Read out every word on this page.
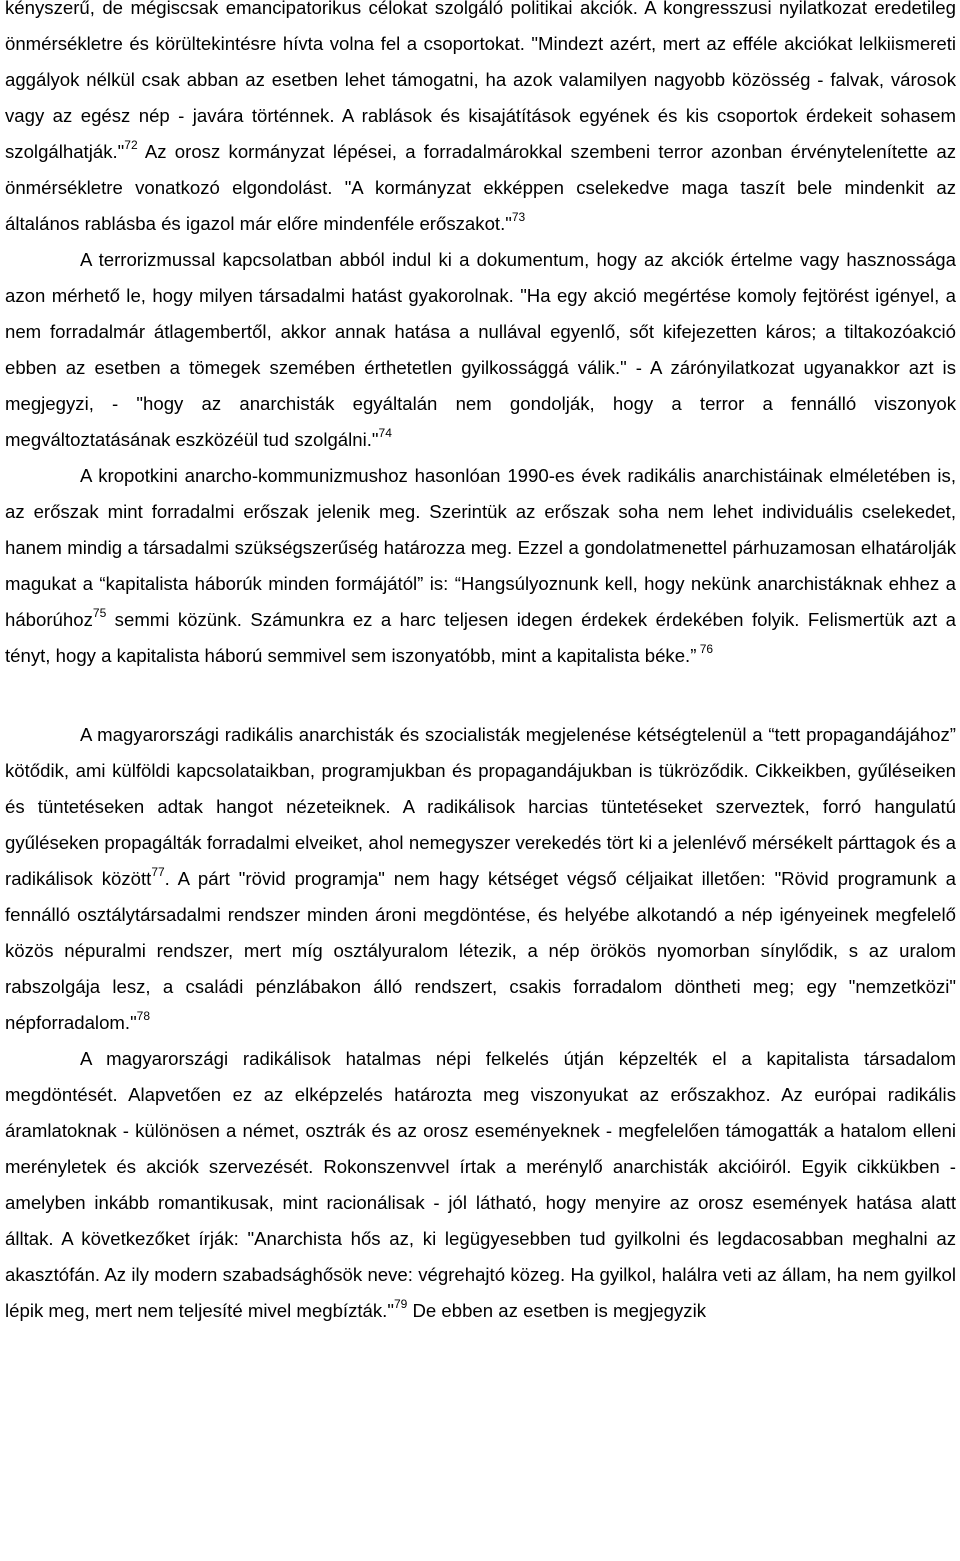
kényszerű, de mégiscsak emancipatorikus célokat szolgáló politikai akciók. A kongresszusi nyilatkozat eredetileg önmérsékletre és körültekintésre hívta volna fel a csoportokat. "Mindezt azért, mert az efféle akciókat lelkiismereti aggályok nélkül csak abban az esetben lehet támogatni, ha azok valamilyen nagyobb közösség - falvak, városok vagy az egész nép - javára történnek. A rablások és kisajátítások egyének és kis csoportok érdekeit sohasem szolgálhatják."$^{72}$ Az orosz kormányzat lépései, a forradalmárokkal szembeni terror azonban érvénytelenítette az önmérsékletre vonatkozó elgondolást. "A kormányzat ekképpen cselekedve maga taszít bele mindenkit az általános rablásba és igazol már előre mindenféle erőszakot."$^{73}$

A terrorizmussal kapcsolatban abból indul ki a dokumentum, hogy az akciók értelme vagy hasznossága azon mérhető le, hogy milyen társadalmi hatást gyakorolnak. "Ha egy akció megértése komoly fejtörést igényel, a nem forradalmár átlagembertől, akkor annak hatása a nullával egyenlő, sőt kifejezetten káros; a tiltakozóakció ebben az esetben a tömegek szemében érthetetlen gyilkossággá válik." - A zárónyilatkozat ugyanakkor azt is megjegyzi, - "hogy az anarchisták egyáltalán nem gondolják, hogy a terror a fennálló viszonyok megváltoztatásának eszközéül tud szolgálni."$^{74}$

A kropotkini anarcho-kommunizmushoz hasonlóan 1990-es évek radikális anarchistáinak elméletében is, az erőszak mint forradalmi erőszak jelenik meg. Szerintük az erőszak soha nem lehet individuális cselekedet, hanem mindig a társadalmi szükségszerűség határozza meg. Ezzel a gondolatmenettel párhuzamosan elhatárolják magukat a “kapitalista háborúk minden formájától” is: “Hangsúlyoznunk kell, hogy nekünk anarchistáknak ehhez a háborúhoz$^{75}$ semmi közünk. Számunkra ez a harc teljesen idegen érdekek érdekében folyik. Felismertük azt a tényt, hogy a kapitalista háború semmivel sem iszonyatóbb, mint a kapitalista béke.” $^{76}$

A magyarországi radikális anarchisták és szocialisták megjelenése kétségtelenül a “tett propagandájához” kötődik, ami külföldi kapcsolataikban, programjukban és propagandájukban is tükröződik. Cikkeikben, gyűléseiken és tüntetéseken adtak hangot nézeteiknek. A radikálisok harcias tüntetéseket szerveztek, forró hangulatú gyűléseken propagálták forradalmi elveiket, ahol nemegyszer verekedés tört ki a jelenlévő mérsékelt párttagok és a radikálisok között$^{77}$. A párt "rövid programja" nem hagy kétséget végső céljaikat illetően: "Rövid programunk a fennálló osztálytársadalmi rendszer minden ároni megdöntése, és helyébe alkotandó a nép igényeinek megfelelő közös népuralmi rendszer, mert míg osztályuralom létezik, a nép örökös nyomorban sínylődik, s az uralom rabszolgája lesz, a családi pénzlábakon álló rendszert, csakis forradalom döntheti meg; egy "nemzetközi" népforradalom."$^{78}$

A magyarországi radikálisok hatalmas népi felkelés útján képzelték el a kapitalista társadalom megdöntését. Alapvetően ez az elképzelés határozta meg viszonyukat az erőszakhoz. Az európai radikális áramlatoknak - különösen a német, osztrák és az orosz eseményeknek - megfelelően támogatták a hatalom elleni merényletek és akciók szervezését. Rokonszenvvel írtak a merénylő anarchisták akcióiról. Egyik cikkükben - amelyben inkább romantikusak, mint racionálisak - jól látható, hogy menyire az orosz események hatása alatt álltak. A következőket írják: "Anarchista hős az, ki legügyesebben tud gyilkolni és legdacosabban meghalni az akasztófán. Az ily modern szabadsághősök neve: végrehajtó közeg. Ha gyilkol, halálra veti az állam, ha nem gyilkol lépik meg, mert nem teljesíté mivel megbízták."$^{79}$ De ebben az esetben is megjegyzik
